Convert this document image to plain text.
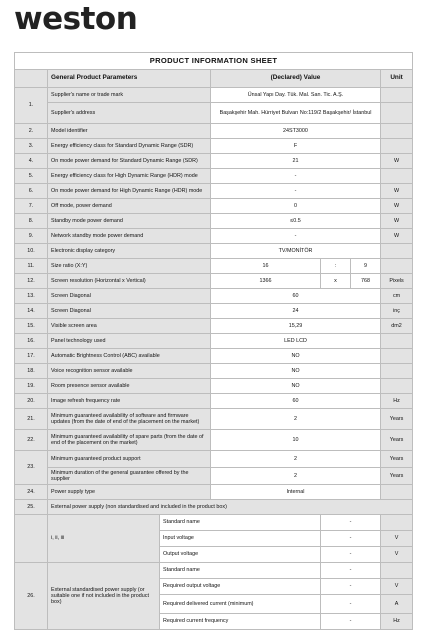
weston
PRODUCT INFORMATION SHEET						
	General Product Parameters		(Declared) Value			Unit
1.	Supplier's name or trade mark		Ünsal Yapı Day. Tük. Mal. San. Tic. A.Ş.			
	Supplier's address		Başakşehir Mah. Hürriyet Bulvarı No:119/2 Başakşehir/ İstanbul			
2.	Model identifier		24ST3000			
3.	Energy efficiency class for Standard Dynamic Range (SDR)		F			
4.	On mode power demand for Standard Dynamic Range (SDR)		21			W
5.	Energy efficiency class for High Dynamic Range (HDR) mode		-			
6.	On mode power demand for High Dynamic Range (HDR) mode		-			W
7.	Off mode, power demand		0			W
8.	Standby mode power demand		≤0.5			W
9.	Network standby mode power demand		-			W
10.	Electronic display category		TV/MONİTÖR			
11.	Size ratio (X:Y)		16	:	9	
12.	Screen resolution (Horizontal x Vertical)		1366	x	768	Pixels
13.	Screen Diagonal		60			cm
14.	Screen Diagonal		24			inç
15.	Visible screen area		15,29			dm2
16.	Panel technology used		LED LCD			
17.	Automatic Brightness Control (ABC) available		NO			
18.	Voice recognition sensor available		NO			
19.	Room presence sensor available		NO			
20.	Image refresh frequency rate		60			Hz
21.	Minimum guaranteed availability of software and firmware updates (from the date of end of the placement on the market)		2			Years
22.	Minimum guaranteed availability of spare parts (from the date of end of the placement on the market)		10			Years
23.	Minimum guaranteed product support		2			Years
	Minimum duration of the general guarantee offered by the supplier		2			Years
24.	Power supply type		Internal			
25.	External power supply (non standardised and included in the product box)					
	i, ii, iii	Standard name		-		
		Input voltage		-		V
		Output voltage		-		V
26.	External standardised power supply (or suitable one if not included in the product box)	Standard name		-		
		Required output voltage		-		V
		Required delivered current (minimum)		-		A
		Required current frequency		-		Hz
